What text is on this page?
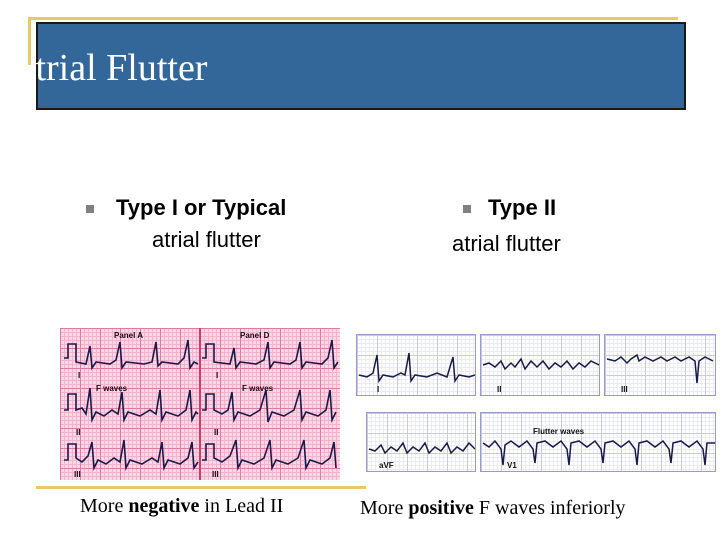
Atrial Flutter
Type I or Typical
atrial flutter
Type II
atrial flutter
Panel A	Panel D
I	I
F waves	F waves
II	II
III	III
I	II	III
aVF
Flutter waves
V1
More negative in Lead II	More positive F waves inferiorly
